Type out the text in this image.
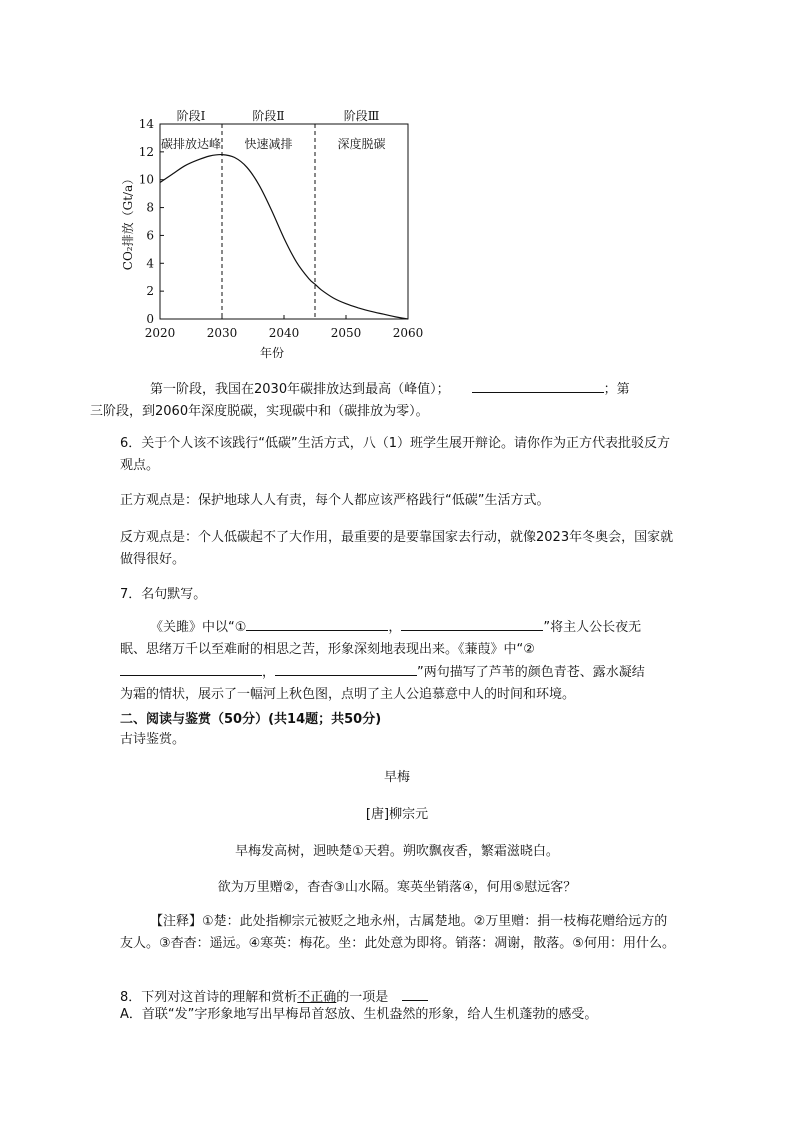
0
2
4
6
8
10
12
14
2020	2030	2040	2050	2060
阶段Ⅰ
碳排放达峰
阶段Ⅱ
快速减排
阶段Ⅲ
深度脱碳
年份
CO₂排放（Gt/a）
第一阶段，我国在2030年碳排放达到最高（峰值）；	；第
三阶段，到2060年深度脱碳，实现碳中和（碳排放为零）。
6．关于个人该不该践行“低碳”生活方式，八（1）班学生展开辩论。请你作为正方代表批驳反方观点。
正方观点是：保护地球人人有责，每个人都应该严格践行“低碳”生活方式。
反方观点是：个人低碳起不了大作用，最重要的是要靠国家去行动，就像2023年冬奥会，国家就做得很好。
7．名句默写。
《关雎》中以“①	，	”将主人公长夜无
眠、思绪万千以至难耐的相思之苦，形象深刻地表现出来。《蒹葭》中“②
，	”两句描写了芦苇的颜色青苍、露水凝结
为霜的情状，展示了一幅河上秋色图，点明了主人公追慕意中人的时间和环境。
二、阅读与鉴赏（50分）(共14题；共50分)
古诗鉴赏。
早梅
[唐]柳宗元
早梅发高树，迥映楚①天碧。朔吹飘夜香，繁霜滋晓白。
欲为万里赠②，杳杳③山水隔。寒英坐销落④，何用⑤慰远客？
【注释】①楚：此处指柳宗元被贬之地永州，古属楚地。②万里赠：捐一枝梅花赠给远方的友人。③杳杳：遥远。④寒英：梅花。坐：此处意为即将。销落：凋谢，散落。⑤何用：用什么。
8．下列对这首诗的理解和赏析不正确的一项是
A．首联“发”字形象地写出早梅昂首怒放、生机盎然的形象，给人生机蓬勃的感受。
